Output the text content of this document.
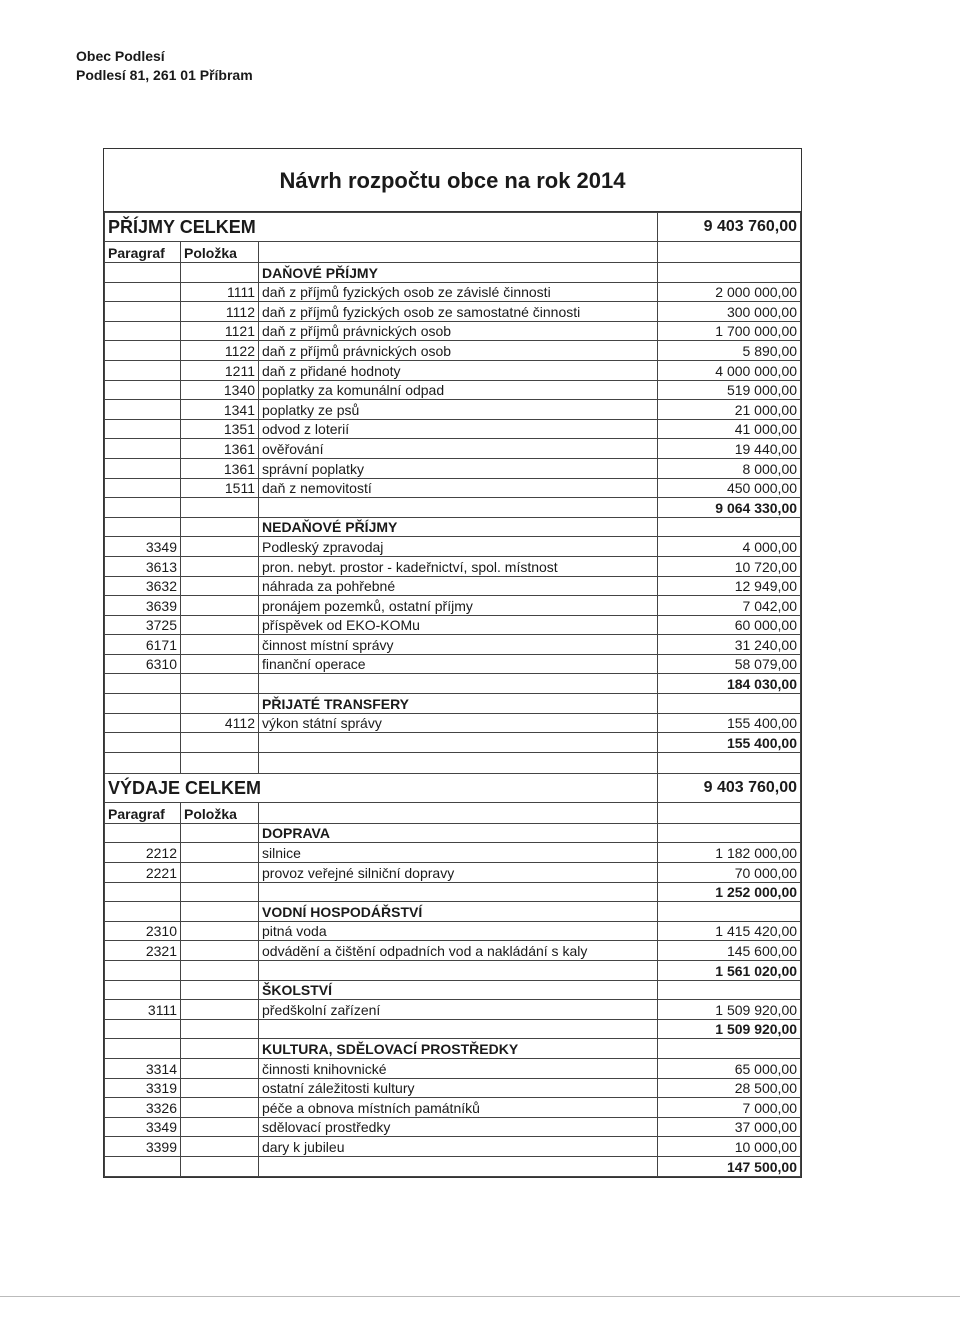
Obec Podlesí
Podlesí 81, 261 01 Příbram
Návrh rozpočtu obce na rok 2014
PŘÍJMY CELKEM			9 403 760,00
Paragraf	Položka		
		DAŇOVÉ PŘÍJMY	
	1111	daň z příjmů fyzických osob ze závislé činnosti	2 000 000,00
	1112	daň z příjmů fyzických osob ze samostatné činnosti	300 000,00
	1121	daň z příjmů právnických osob	1 700 000,00
	1122	daň z příjmů právnických osob	5 890,00
	1211	daň z přidané hodnoty	4 000 000,00
	1340	poplatky za komunální odpad	519 000,00
	1341	poplatky ze psů	21 000,00
	1351	odvod z loterií	41 000,00
	1361	ověřování	19 440,00
	1361	správní poplatky	8 000,00
	1511	daň z nemovitostí	450 000,00
			9 064 330,00
		NEDAŇOVÉ PŘÍJMY	
3349		Podleský zpravodaj	4 000,00
3613		pron. nebyt. prostor - kadeřnictví, spol. místnost	10 720,00
3632		náhrada za pohřebné	12 949,00
3639		pronájem pozemků, ostatní příjmy	7 042,00
3725		příspěvek od EKO-KOMu	60 000,00
6171		činnost místní správy	31 240,00
6310		finanční operace	58 079,00
			184 030,00
		PŘIJATÉ TRANSFERY	
	4112	výkon státní správy	155 400,00
			155 400,00

VÝDAJE CELKEM			9 403 760,00
Paragraf	Položka		
		DOPRAVA	
2212		silnice	1 182 000,00
2221		provoz veřejné silniční dopravy	70 000,00
			1 252 000,00
		VODNÍ HOSPODÁŘSTVÍ	
2310		pitná voda	1 415 420,00
2321		odvádění a čištění odpadních vod a nakládání s kaly	145 600,00
			1 561 020,00
		ŠKOLSTVÍ	
3111		předškolní zařízení	1 509 920,00
			1 509 920,00
		KULTURA, SDĚLOVACÍ PROSTŘEDKY	
3314		činnosti knihovnické	65 000,00
3319		ostatní záležitosti kultury	28 500,00
3326		péče a obnova místních památníků	7 000,00
3349		sdělovací prostředky	37 000,00
3399		dary k jubileu	10 000,00
			147 500,00
